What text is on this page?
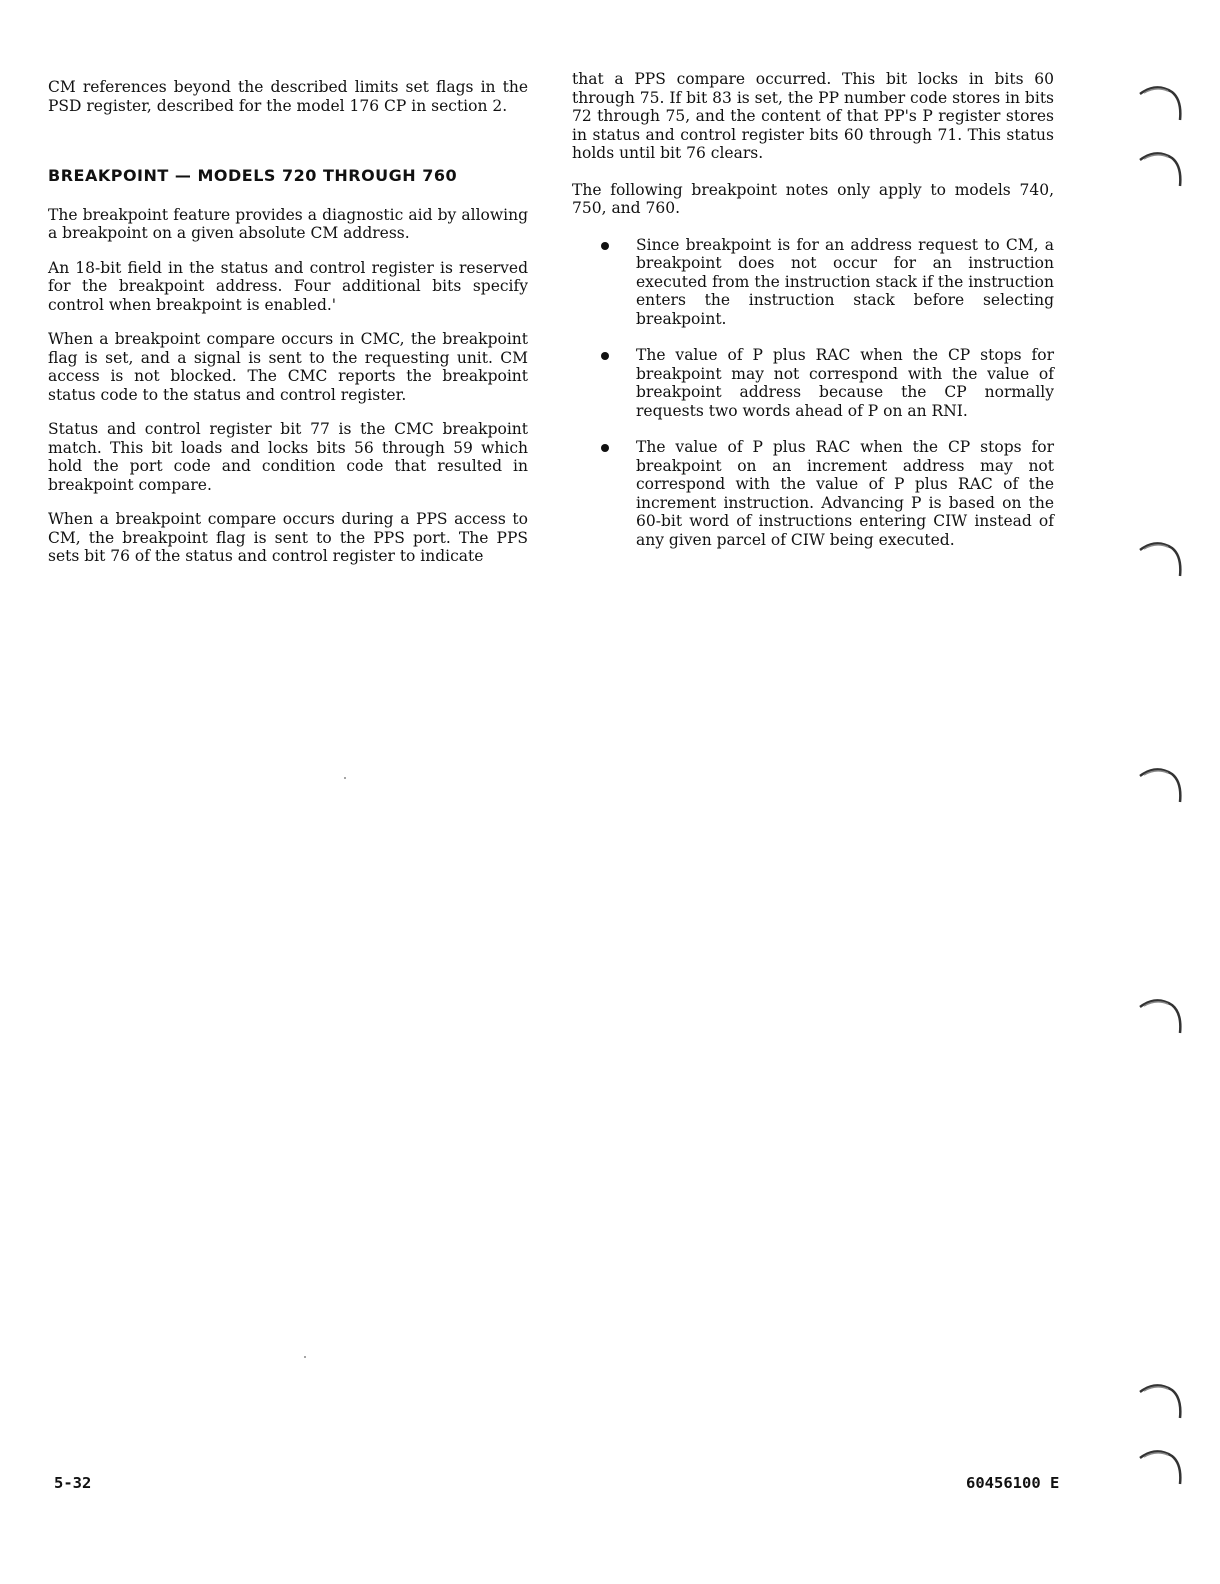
CM references beyond the described limits set flags in the PSD register, described for the model 176 CP in section 2.

BREAKPOINT — MODELS 720 THROUGH 760

The breakpoint feature provides a diagnostic aid by allowing a breakpoint on a given absolute CM address.

An 18-bit field in the status and control register is reserved for the breakpoint address. Four additional bits specify control when breakpoint is enabled.'

When a breakpoint compare occurs in CMC, the breakpoint flag is set, and a signal is sent to the requesting unit. CM access is not blocked. The CMC reports the breakpoint status code to the status and control register.

Status and control register bit 77 is the CMC breakpoint match. This bit loads and locks bits 56 through 59 which hold the port code and condition code that resulted in breakpoint compare.

When a breakpoint compare occurs during a PPS access to CM, the breakpoint flag is sent to the PPS port. The PPS sets bit 76 of the status and control register to indicate

that a PPS compare occurred. This bit locks in bits 60 through 75. If bit 83 is set, the PP number code stores in bits 72 through 75, and the content of that PP's P register stores in status and control register bits 60 through 71. This status holds until bit 76 clears.

The following breakpoint notes only apply to models 740, 750, and 760.

Since breakpoint is for an address request to CM, a breakpoint does not occur for an instruction executed from the instruction stack if the instruction enters the instruction stack before selecting breakpoint.
The value of P plus RAC when the CP stops for breakpoint may not correspond with the value of breakpoint address because the CP normally requests two words ahead of P on an RNI.
The value of P plus RAC when the CP stops for breakpoint on an increment address may not correspond with the value of P plus RAC of the increment instruction. Advancing P is based on the 60-bit word of instructions entering CIW instead of any given parcel of CIW being executed.
5-32	60456100 E
